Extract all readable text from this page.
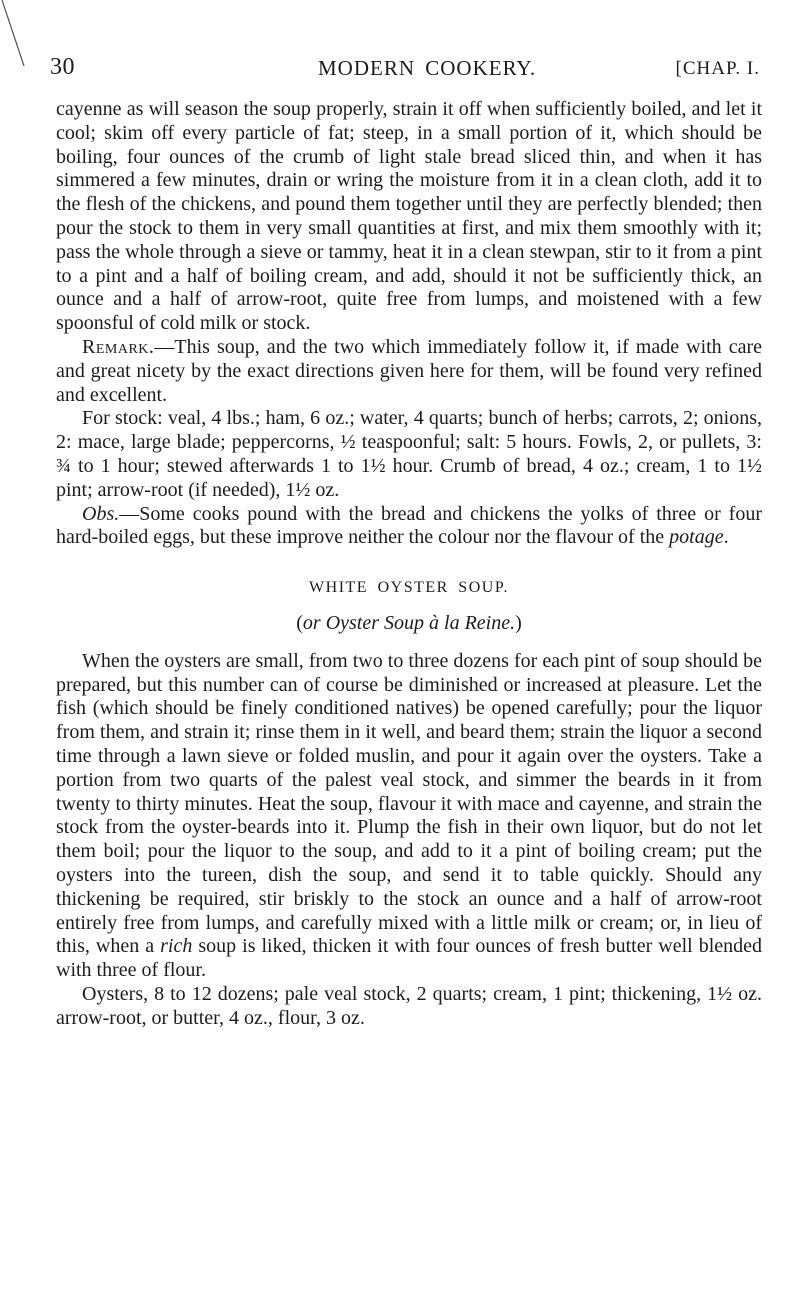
30	MODERN COOKERY.	[CHAP. I.

cayenne as will season the soup properly, strain it off when sufficiently boiled, and let it cool; skim off every particle of fat; steep, in a small portion of it, which should be boiling, four ounces of the crumb of light stale bread sliced thin, and when it has simmered a few minutes, drain or wring the moisture from it in a clean cloth, add it to the flesh of the chickens, and pound them together until they are perfectly blended; then pour the stock to them in very small quantities at first, and mix them smoothly with it; pass the whole through a sieve or tammy, heat it in a clean stewpan, stir to it from a pint to a pint and a half of boiling cream, and add, should it not be sufficiently thick, an ounce and a half of arrow-root, quite free from lumps, and moistened with a few spoonsful of cold milk or stock.

Remark.—This soup, and the two which immediately follow it, if made with care and great nicety by the exact directions given here for them, will be found very refined and excellent.

For stock: veal, 4 lbs.; ham, 6 oz.; water, 4 quarts; bunch of herbs; carrots, 2; onions, 2: mace, large blade; peppercorns, ½ teaspoonful; salt: 5 hours. Fowls, 2, or pullets, 3: ¾ to 1 hour; stewed afterwards 1 to 1½ hour. Crumb of bread, 4 oz.; cream, 1 to 1½ pint; arrow-root (if needed), 1½ oz.

Obs.—Some cooks pound with the bread and chickens the yolks of three or four hard-boiled eggs, but these improve neither the colour nor the flavour of the potage.

WHITE OYSTER SOUP.
(or Oyster Soup à la Reine.)

When the oysters are small, from two to three dozens for each pint of soup should be prepared, but this number can of course be diminished or increased at pleasure. Let the fish (which should be finely conditioned natives) be opened carefully; pour the liquor from them, and strain it; rinse them in it well, and beard them; strain the liquor a second time through a lawn sieve or folded muslin, and pour it again over the oysters. Take a portion from two quarts of the palest veal stock, and simmer the beards in it from twenty to thirty minutes. Heat the soup, flavour it with mace and cayenne, and strain the stock from the oyster-beards into it. Plump the fish in their own liquor, but do not let them boil; pour the liquor to the soup, and add to it a pint of boiling cream; put the oysters into the tureen, dish the soup, and send it to table quickly. Should any thickening be required, stir briskly to the stock an ounce and a half of arrow-root entirely free from lumps, and carefully mixed with a little milk or cream; or, in lieu of this, when a rich soup is liked, thicken it with four ounces of fresh butter well blended with three of flour.

Oysters, 8 to 12 dozens; pale veal stock, 2 quarts; cream, 1 pint; thickening, 1½ oz. arrow-root, or butter, 4 oz., flour, 3 oz.
